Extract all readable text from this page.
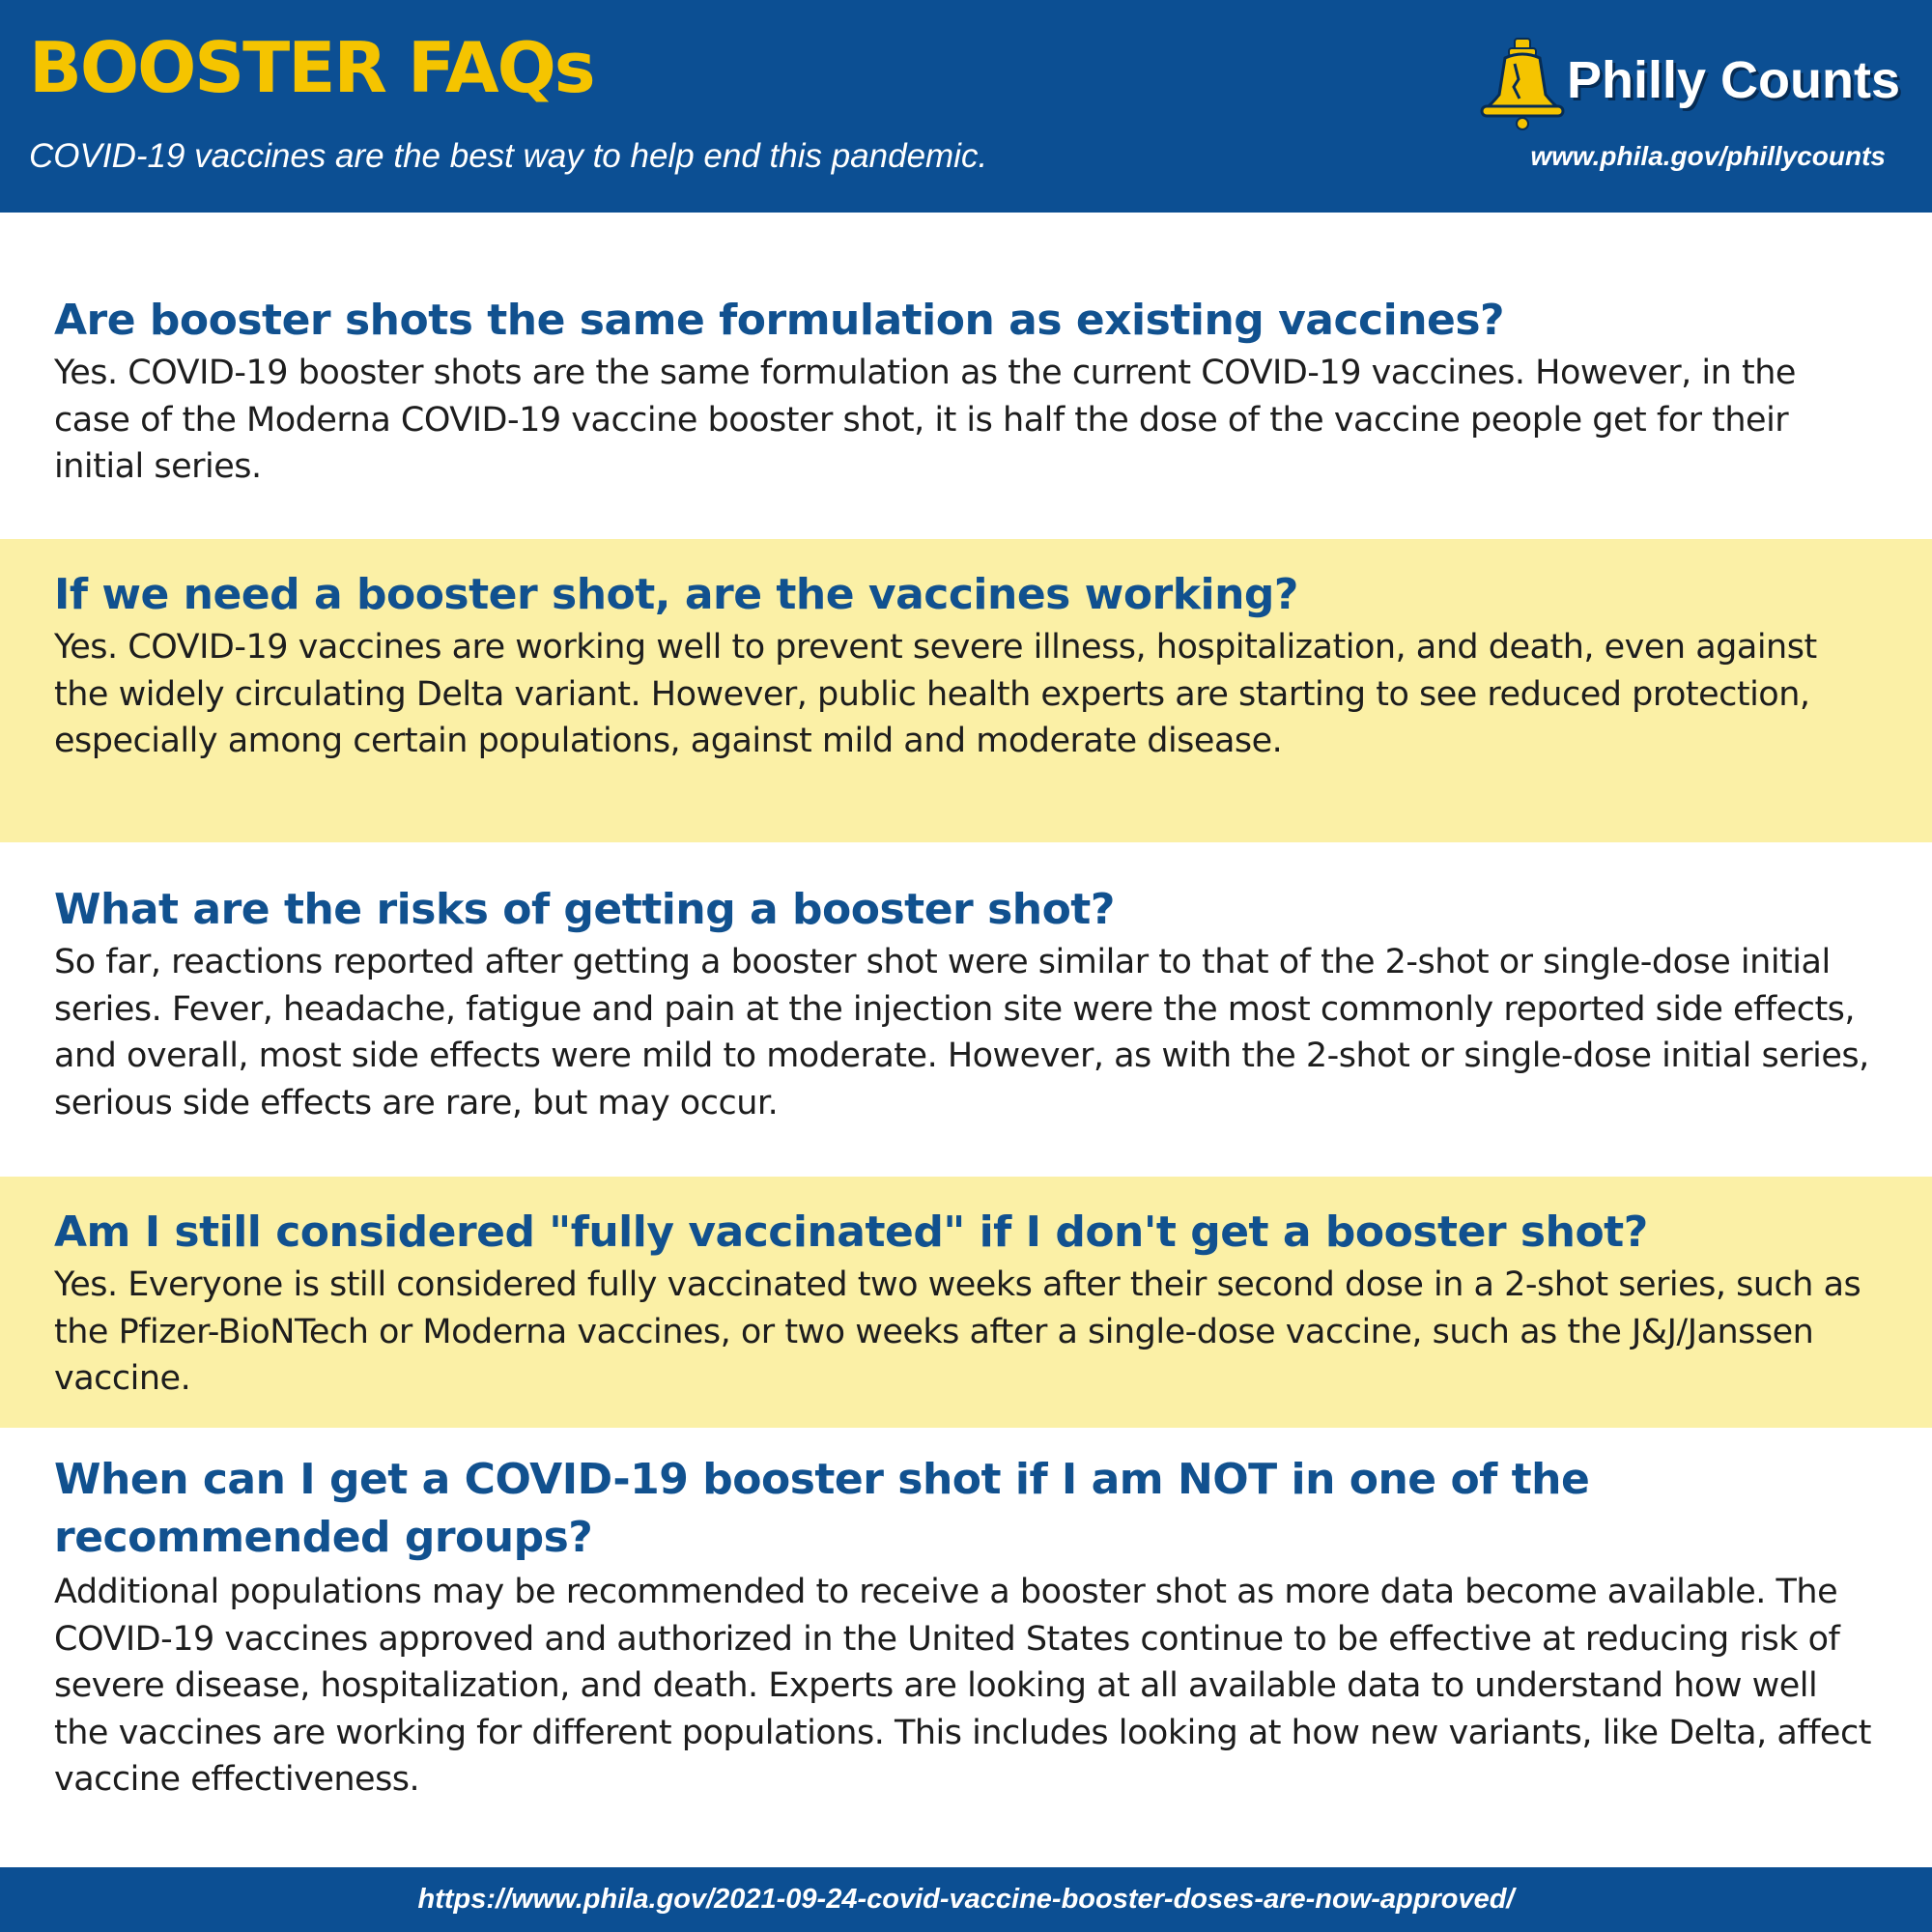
BOOSTER FAQs
COVID-19 vaccines are the best way to help end this pandemic.
Philly Counts
www.phila.gov/phillycounts

Are booster shots the same formulation as existing vaccines?

Yes. COVID-19 booster shots are the same formulation as the current COVID-19 vaccines. However, in the case of the Moderna COVID-19 vaccine booster shot, it is half the dose of the vaccine people get for their initial series.

If we need a booster shot, are the vaccines working?

Yes. COVID-19 vaccines are working well to prevent severe illness, hospitalization, and death, even against the widely circulating Delta variant. However, public health experts are starting to see reduced protection, especially among certain populations, against mild and moderate disease.

What are the risks of getting a booster shot?

So far, reactions reported after getting a booster shot were similar to that of the 2-shot or single-dose initial series. Fever, headache, fatigue and pain at the injection site were the most commonly reported side effects, and overall, most side effects were mild to moderate. However, as with the 2-shot or single-dose initial series, serious side effects are rare, but may occur.

Am I still considered "fully vaccinated" if I don't get a booster shot?

Yes. Everyone is still considered fully vaccinated two weeks after their second dose in a 2-shot series, such as the Pfizer-BioNTech or Moderna vaccines, or two weeks after a single-dose vaccine, such as the J&J/Janssen vaccine.

When can I get a COVID-19 booster shot if I am NOT in one of the recommended groups?

Additional populations may be recommended to receive a booster shot as more data become available. The COVID-19 vaccines approved and authorized in the United States continue to be effective at reducing risk of severe disease, hospitalization, and death. Experts are looking at all available data to understand how well the vaccines are working for different populations. This includes looking at how new variants, like Delta, affect vaccine effectiveness.

https://www.phila.gov/2021-09-24-covid-vaccine-booster-doses-are-now-approved/
